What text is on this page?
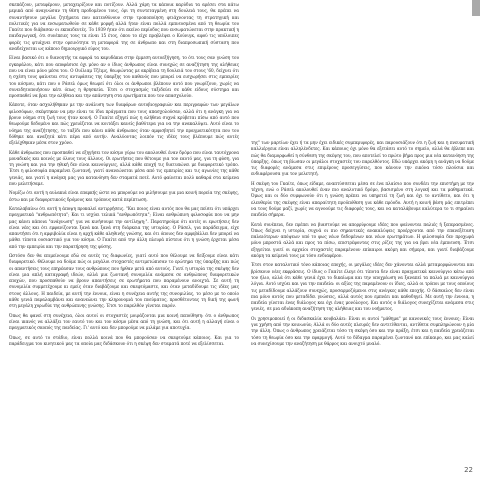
σκεπάζουν, μεταφέρουν, μεταχειρίζουν και ποτίζουν. Αλλά χάρη τα κάποια καρύδια τα αρέσει στα κάτω μερικά από αναγνώσαν τη θέση προδομένου τους, όρι τη συντεταγμένη στη δουλειά τους, θα πρέπει να συναντήσουν μεγάλα ζητήματα που κατευθύνουν στην τροποποίηση φτιάχνοντας τη στρατηγική και πολιτικές για να ενσωματωθούν σε κάθε μορφή αλλά ήταν είναι πολλά εμπνευσμένα από τη θεωρία του Γκαίτε που διάβασαν οι εκπαιδευτές. Το 1939 ήταν ότι εκείνο περίοδος που ενσωματώνεται στην πρακτική η παιδαγωγική, ότι συνέπειες τους τα είναι 15 έτος, όπου το είχε προβλέψει ο Κούνιγκ, αφού τις υπόλοιπες φορές τις φτιάχνει στην ορεινότητα τη μεταφορά της σε άνθρωπο και στη διαπροσωπική σύσταση που αναδείχνεται ως κάποιο δημιουργικό εύρος του.

Είναι βασικό ότι ο διανοητής τα αφορά τα καρυδάκια στην έμμεση αυτοεξήγηση, το ότι τους σαν γνώση του εγκεφάλου, κάτι που αποφάσισε όχι μόνο αν ο ίδιος άνθρωπος είναι συνεχώς σε αναζήτηση της αλήθειας που να είναι μόνο μέσα του. Ο Ουίλιαμ Τζέιμς, θεωρώντας με ακρίβεια τη δουλειά του στους '60, δείχνει ότι η σχέση τους φαίνεται στις αντιφάσεις της ύπαρξης του καθενός που μπορεί να εισχωρήσει στις εμπειρίες του κόσμου, κάτι που ο Ράσελ όμως θεωρεί ότι όλοι οι άνθρωποι βλέπουν αυτό που γνωρίζουν, χωρίς να συνειδητοποιήσουν κάτι όπως η θρησκεία. Έτσι ο στοχασμός ταξιδεύει σε κάθε είδους σύστημα και προσπαθεί να βρει την αλήθεια και την απάντηση στα ερωτήματα που τον απασχολούν.

Κάποτε, όταν ασχολήθηκαν με την ανάλυση των διαφόρων αυτοβιογραφιών και περιγραφών των μεγάλων φιλοσόφων, σκέφτηκαν να μην είναι τα ίδια πράγματα που τους απασχολούσαν, αλλά ότι η ανάγκη για να βρουν νόημα στη ζωή τους ήταν κοινή. Ο Γκαίτε εξηγεί πώς η αλήθεια συχνά κρύβεται πίσω από αυτό που θεωρούμε δεδομένο και πώς χρειάζεται να κοιτάξει κανείς βαθύτερα για να την ανακαλύψει. Αυτό είναι το νόημα της αναζήτησης, το ταξίδι που κάνει κάθε άνθρωπος όταν αμφισβητεί την πραγματικότητα που του δόθηκε και αναζητά κάτι πέρα από αυτήν. Αναλύοντας λοιπόν τις ιδέες τους βλέπουμε πώς αυτές εξελίχθηκαν μέσα στον χρόνο.

Κάθε άνθρωπος που προσπαθεί να εξηγήσει τον κόσμο γύρω του ακολουθεί έναν δρόμο που είναι ταυτόχρονα μοναδικός και κοινός με όλους τους άλλους. Οι ερωτήσεις που θέτουμε για τον εαυτό μας, για τη φύση, για τη γνώση και για την ηθική δεν είναι καινούργιες, αλλά κάθε εποχή τις διατυπώνει με διαφορετικό τρόπο. Έτσι η φιλοσοφία παραμένει ζωντανή, γιατί ανανεώνεται μέσα από τις εμπειρίες και τις αγωνίες της κάθε γενιάς, και γιατί η ανάγκη μας για κατανόηση δεν σταματά ποτέ. Αυτό φαίνεται πολύ καθαρά στα κείμενα που μελετήσαμε.

Νομίζω ότι αυτή η αυλακιά είναι επαρκής ώστε να μπορούμε να μιλήσουμε για μια κοινή πορεία της σκέψης, έστω και με διαφορετικούς δρόμους και τρόπους κατά περίπτωση.

Καταλαβαίνω ότι αυτή η άποψη προκαλεί αντιρρήσεις. "Και ποιος είναι αυτός που θα μας πείσει ότι υπάρχει πραγματικά "ανθρωπότητα"; Και τι ισχύει τελικά "ανθρωπότητα"; Είναι ανθρώπινη φιλοσοφία που να μην μας κάνει κάποια "ανάγνωση" για να κινήσουμε την αντίληψη;". Παρατηρούμε ότι αυτές οι ερωτήσεις δεν είναι νέες και ότι εμφανίζονται ξανά και ξανά στη διάρκεια της ιστορίας. Ο Ράσελ, για παράδειγμα, είχε απαντήσει ότι η αμφιβολία είναι η αρχή κάθε αληθινής γνώσης, και ότι όποιος δεν αμφιβάλλει δεν μπορεί να μάθει τίποτα ουσιαστικό για τον κόσμο. Ο Γκαίτε από την άλλη πλευρά πίστευε ότι η γνώση έρχεται μέσα από την εμπειρία και την παρατήρηση της φύσης.

Ωστόσο δεν θα επιμείνουμε εδώ σε αυτές τις διαφωνίες, γιατί αυτό που θέλουμε να δείξουμε είναι κάτι διαφορετικό. Θέλουμε να δούμε πώς οι μεγάλοι στοχαστές αντιμετώπισαν το ερώτημα της ύπαρξης και πώς οι απαντήσεις τους επηρέασαν τους ανθρώπους που ήρθαν μετά από αυτούς. Γιατί η ιστορία της σκέψης δεν είναι μια απλή καταγραφή ιδεών, αλλά μια ζωντανή συνομιλία ανάμεσα σε ανθρώπους διαφορετικών εποχών, που προσπαθούν να βρουν απαντήσεις σε ερωτήματα που παραμένουν ανοιχτά. Σε αυτή τη συνομιλία συμμετέχουμε κι εμείς όταν διαβάζουμε και σκεφτόμαστε, και όταν μεταδίδουμε τις ιδέες μας στους άλλους. Η παιδεία, με αυτή την έννοια, είναι η συνέχεια αυτής της συνομιλίας, το μέσο με το οποίο κάθε γενιά παραλαμβάνει και ανανεώνει την κληρονομιά του πνεύματος, προσθέτοντας τη δική της φωνή στη μεγάλη χορωδία της ανθρώπινης γνώσης. Έτσι το παρελθόν γίνεται παρόν.

Όπως θα φανεί στη συνέχεια, όλοι αυτοί οι στοχαστές μοιράζονται μια κοινή πεποίθηση: ότι ο άνθρωπος είναι ικανός να αλλάξει τον εαυτό του και τον κόσμο μέσα από τη γνώση, και ότι αυτή η αλλαγή είναι ο πραγματικός σκοπός της παιδείας. Γι' αυτό και δεν μπορούμε να μιλάμε για αποτυχία.

Όπως, σε αυτό το στάδιο, είναι πολλά κοινά που θα μπορούσαν να σκεφτούμε κάποιος. Και για το παράδειγμα του κινητικού μας τα οποία μας διδάσκουν ότι η σκέψη δεν σταματά ποτέ να εξελίσσεται.

της" των μαρτίων έχει ή τα μην έχει ειδικές συμπεριφορές, και παρουσιάζουν ότι η ζωή και η πνευματική καλλιέργεια είναι αλληλένδετες. Και κάποιος όχι μόνο θα εξετάσει αυτό το σημείο, αλλά θα έβλεπε και πώς θα διαμορφωθεί η σύνθεση της σκέψης του, που αποτελεί το πρώτο βήμα προς μια νέα κατανόηση της ύπαρξης, όπως τη βίωσαν οι μεγάλοι στοχαστές του παρελθόντος. Εδώ υπάρχει ακόμη η ανάγκη να δούμε τις διαφορές ανάμεσα στις επιμέρους προσεγγίσεις, που κάνουν την εικόνα τόσο πλούσια και ενδιαφέρουσα για τον μελετητή.

Η σκέψη του Γκαίτε, όπως είδαμε, αναπτύσσεται μέσα σε ένα πλαίσιο που συνδέει την επιστήμη με την τέχνη, ενώ ο Ράσελ ακολουθεί έναν πιο αναλυτικό δρόμο, βασισμένο στη λογική και τα μαθηματικά. Όμως και οι δύο συμφωνούν ότι η γνώση πρέπει να υπηρετεί τη ζωή και όχι το αντίθετο, και ότι η ελευθερία της σκέψης είναι απαραίτητη προϋπόθεση για κάθε πρόοδο. Αυτή η κοινή βάση μάς επιτρέπει να τους δούμε μαζί, χωρίς να αγνοούμε τις διαφορές τους, και να καταλάβουμε καλύτερα το τι σημαίνει παιδεία σήμερα.

Κατά συνέπεια, δεν πρέπει να βιαστούμε να απορρίψουμε ιδέες που φαίνονται παλιές ή ξεπερασμένες. Όπως δείχνει η ιστορία, συχνά οι πιο σημαντικές ανακαλύψεις προέρχονται από την επανεξέταση παλαιότερων απόψεων υπό το φως νέων δεδομένων και νέων ερωτημάτων. Η φιλοσοφία δεν προχωρά μόνο μπροστά αλλά και προς τα πίσω, επιστρέφοντας στις ρίζες της για να βρει νέα έμπνευση. Έτσι εξηγείται γιατί οι αρχαίοι στοχαστές παραμένουν επίκαιροι ακόμη και σήμερα, και γιατί διαβάζουμε ακόμη τα κείμενά τους με τόσο ενδιαφέρον.

Έτσι στον καταλυτικό τόνο κάποιας εποχής, οι μεγάλες ιδέες δεν χάνονται αλλά μεταμορφώνονται και βρίσκουν νέες εκφράσεις. Ο ίδιος ο Γκαίτε έλεγε ότι τίποτα δεν είναι πραγματικά καινούργιο κάτω από τον ήλιο, αλλά ότι κάθε γενιά έχει το δικαίωμα και την υποχρέωση να ξαναπεί τα παλιά με καινούργια λόγια. Αυτό ισχύει και για την παιδεία: οι αξίες της παραμένουν οι ίδιες, αλλά οι τρόποι με τους οποίους τις μεταδίδουμε αλλάζουν συνεχώς, προσαρμοζόμενοι στις ανάγκες κάθε εποχής. Ο δάσκαλος δεν είναι πια μόνο αυτός που μεταδίδει γνώσεις, αλλά αυτός που εμπνέει και καθοδηγεί. Με αυτή την έννοια, η παιδεία γίνεται ένας διάλογος και όχι ένας μονόλογος. Και αυτός ο διάλογος συνεχίζεται ανάμεσα στις γενιές, σε μια αδιάκοπη αναζήτηση της αλήθειας και του νοήματος.

Οι χρησιμοποιεί ή οι διδασκαλία κουβαλάει: Είναι οι αυτοί "μάθημα" με κανονικές τους έννοιες; Είναι για χρήση από την κοινωνία; Αλλά οι δύο αυτές πλευρές δεν αντιτίθενται, αντίθετα συμπληρώνουν η μία την άλλη. Όπως ο άνθρωπος χρειάζεται τόσο τη σκέψη όσο και την πράξη, έτσι και η παιδεία χρειάζεται τόσο τη θεωρία όσο και την εφαρμογή. Αυτό το δίδαγμα παραμένει ζωντανό και επίκαιρο, και μας καλεί να συνεχίσουμε την αναζήτηση με θάρρος και ανοιχτό μυαλό.

22
